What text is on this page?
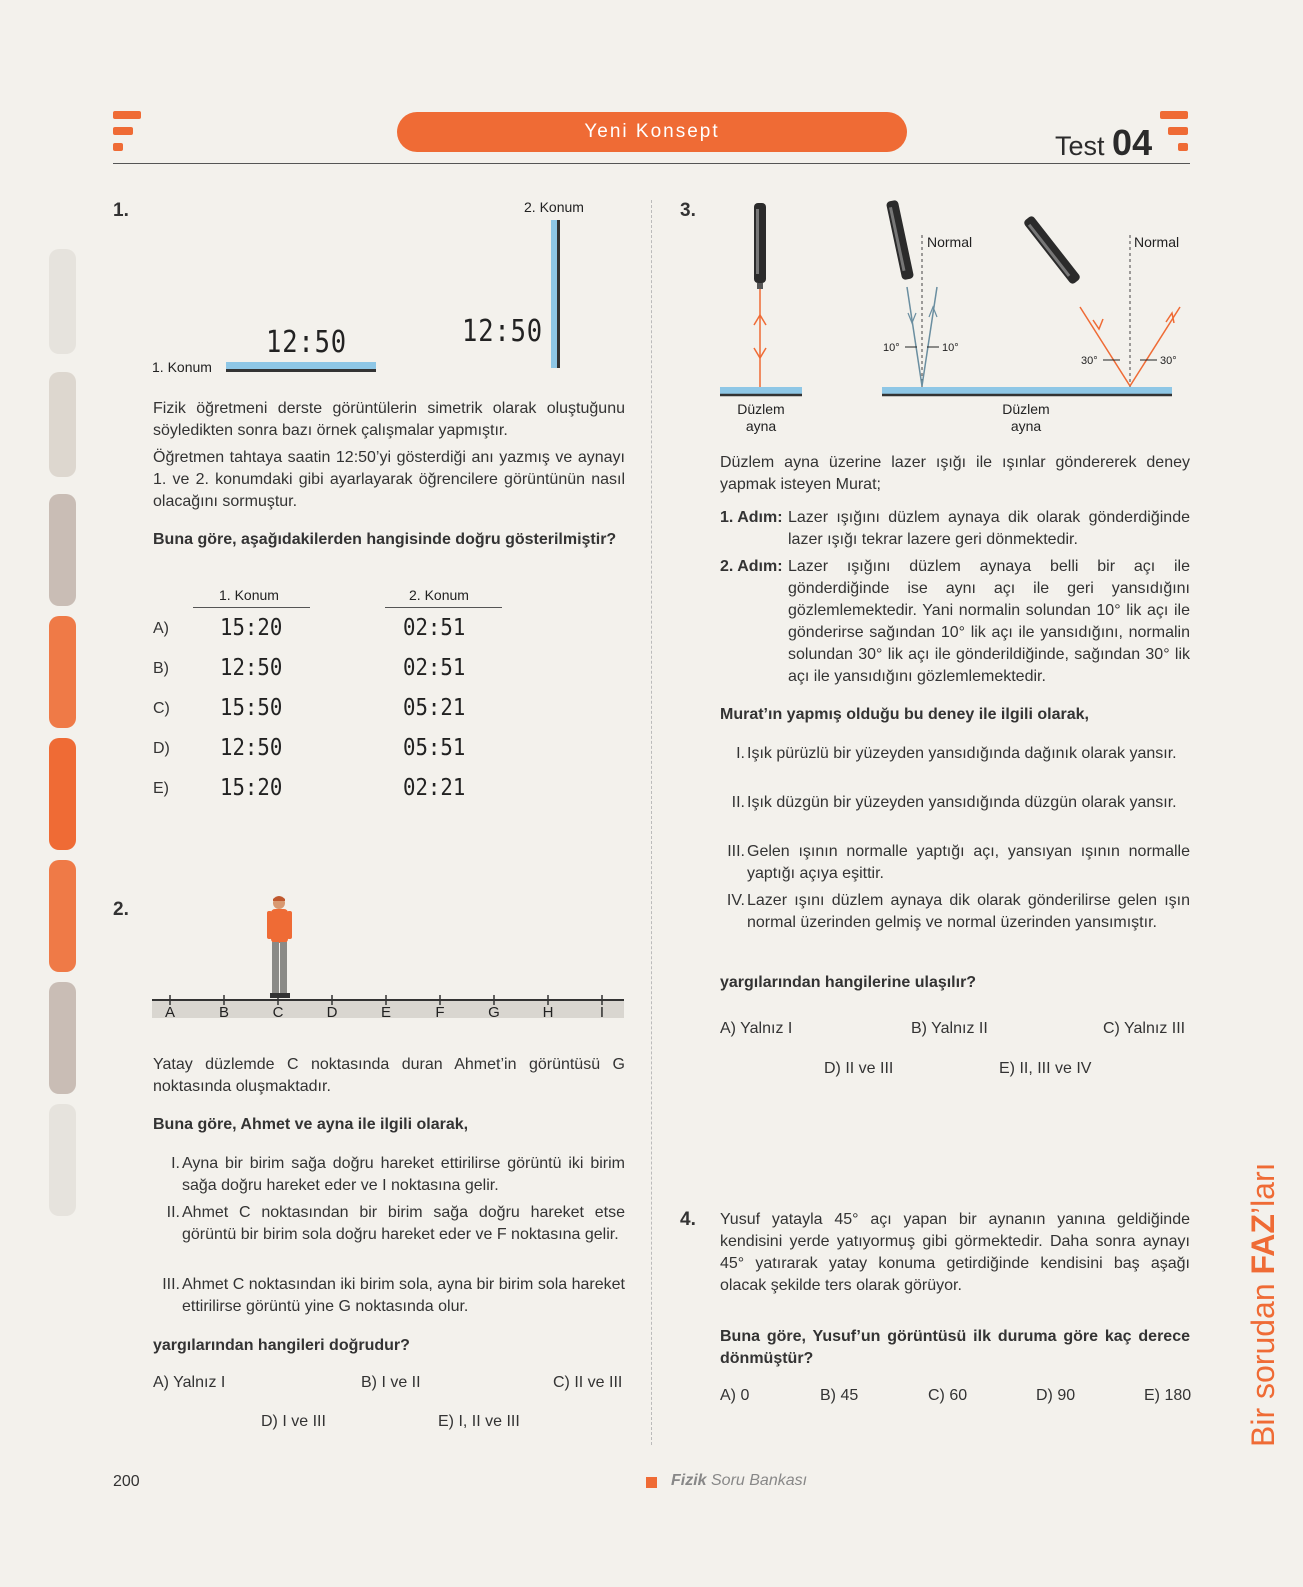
Yeni Konsept	Test 04
1.	2. Konum
12:50
12:50
1. Konum
Fizik öğretmeni derste görüntülerin simetrik olarak oluştuğunu söyledikten sonra bazı örnek çalışmalar yapmıştır.
Öğretmen tahtaya saatin 12:50’yi gösterdiği anı yazmış ve aynayı 1. ve 2. konumdaki gibi ayarlayarak öğrencilere görüntünün nasıl olacağını sormuştur.
Buna göre, aşağıdakilerden hangisinde doğru gösterilmiştir?
1. Konum	2. Konum
A) 15:20	02:51
B) 12:50	02:51
C) 15:50	05:21
D) 12:50	05:51
E) 15:20	02:21
2.
A	B	C	D	E	F	G	H	I
Yatay düzlemde C noktasında duran Ahmet’in görüntüsü G noktasında oluşmaktadır.
Buna göre, Ahmet ve ayna ile ilgili olarak,
I. Ayna bir birim sağa doğru hareket ettirilirse görüntü iki birim sağa doğru hareket eder ve I noktasına gelir.
II. Ahmet C noktasından bir birim sağa doğru hareket etse görüntü bir birim sola doğru hareket eder ve F noktasına gelir.
III. Ahmet C noktasından iki birim sola, ayna bir birim sola hareket ettirilirse görüntü yine G noktasında olur.
yargılarından hangileri doğrudur?
A) Yalnız I	B) I ve II	C) II ve III
D) I ve III	E) I, II ve III
3.
10°	10°
Normal
30°	30°
Normal
Düzlem
ayna
Düzlem
ayna
Düzlem ayna üzerine lazer ışığı ile ışınlar göndererek deney yapmak isteyen Murat;
1. Adım: Lazer ışığını düzlem aynaya dik olarak gönderdiğinde lazer ışığı tekrar lazere geri dönmektedir.
2. Adım: Lazer ışığını düzlem aynaya belli bir açı ile gönderdiğinde ise aynı açı ile geri yansıdığını gözlemlemektedir. Yani normalin solundan 10° lik açı ile gönderirse sağından 10° lik açı ile yansıdığını, normalin solundan 30° lik açı ile gönderildiğinde, sağından 30° lik açı ile yansıdığını gözlemlemektedir.
Murat’ın yapmış olduğu bu deney ile ilgili olarak,
I. Işık pürüzlü bir yüzeyden yansıdığında dağınık olarak yansır.
II. Işık düzgün bir yüzeyden yansıdığında düzgün olarak yansır.
III. Gelen ışının normalle yaptığı açı, yansıyan ışının normalle yaptığı açıya eşittir.
IV. Lazer ışını düzlem aynaya dik olarak gönderilirse gelen ışın normal üzerinden gelmiş ve normal üzerinden yansımıştır.
yargılarından hangilerine ulaşılır?
A) Yalnız I	B) Yalnız II	C) Yalnız III
D) II ve III	E) II, III ve IV
4. Yusuf yatayla 45° açı yapan bir aynanın yanına geldiğinde kendisini yerde yatıyormuş gibi görmektedir. Daha sonra aynayı 45° yatırarak yatay konuma getirdiğinde kendisini baş aşağı olacak şekilde ters olarak görüyor.
Buna göre, Yusuf’un görüntüsü ilk duruma göre kaç derece dönmüştür?
A) 0	B) 45	C) 60	D) 90	E) 180 Bir sorudan FAZ’ları
200	Fizik Soru Bankası
